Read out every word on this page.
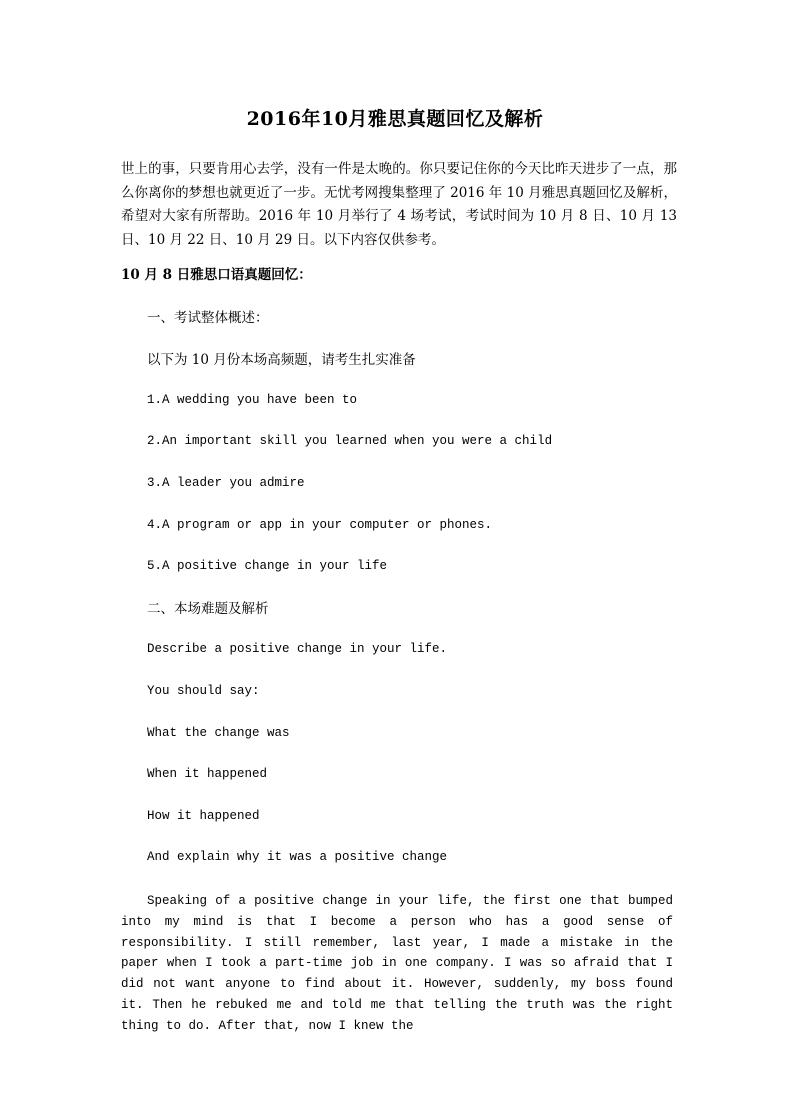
2016年10月雅思真题回忆及解析
世上的事，只要肯用心去学，没有一件是太晚的。你只要记住你的今天比昨天进步了一点，那么你离你的梦想也就更近了一步。无忧考网搜集整理了 2016 年 10 月雅思真题回忆及解析，希望对大家有所帮助。2016 年 10 月举行了 4 场考试，考试时间为 10 月 8 日、10 月 13 日、10 月 22 日、10 月 29 日。以下内容仅供参考。
10 月 8 日雅思口语真题回忆：
一、考试整体概述：
以下为 10 月份本场高频题，请考生扎实准备
1.A wedding you have been to
2.An important skill you learned when you were a child
3.A leader you admire
4.A program or app in your computer or phones.
5.A positive change in your life
二、本场难题及解析
Describe a positive change in your life.
You should say:
What the change was
When it happened
How it happened
And explain why it was a positive change
Speaking of a positive change in your life, the first one that bumped into my mind is that I become a person who has a good sense of responsibility. I still remember, last year, I made a mistake in the paper when I took a part-time job in one company. I was so afraid that I did not want anyone to find about it. However, suddenly, my boss found it. Then he rebuked me and told me that telling the truth was the right thing to do. After that, now I knew the
